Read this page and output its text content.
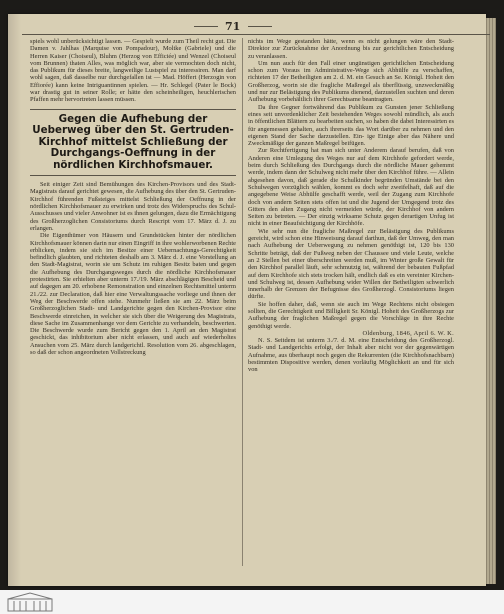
71

spiels wohl unberücksichtigt lassen. — Gespielt wurde zum Theil recht gut. Die Damen v. Jahlhas (Marquise von Pompadour), Moltke (Gabriele) und die Herren Kaiser (Choiseul), Bluhm (Herzog von Efficiée) und Wenzel (Choiseul vom Brunnen) thaten Alles, was möglich war, aber sie vermochten doch nicht, das Publikum für dieses breite, langweilige Lustspiel zu interessiren. Man darf wohl sagen, daß dasselbe nur durchgefallen ist — Mad. Höffert (Herzogin von Effiorée) kann keine Intriguantinnen spielen. — Hr. Schlegel (Pater le Bock) war drastig gut in seiner Rolle; er hätte den scheinheiligen, heuchlerischen Pfaffen mehr hervortreten lassen müssen.

Gegen die Aufhebung der Ueberweg über den St. Gertruden-Kirchhof mittelst Schließung der Durchgangs-Oeffnung in der nördlichen Kirchhofsmauer.

Seit einiger Zeit sind Bemühungen des Kirchen-Provisors und des Stadt-Magistrats darauf gerichtet gewesen, die Aufhebung des über den St. Gertruden-Kirchhof führenden Fußsteiges mittelst Schließung der Oeffnung in der nördlichen Kirchhofsmauer zu erwirken und trotz des Widerspruchs des Schul-Ausschusses und vieler Anwohner ist es ihnen gelungen, dazu die Ermächtigung des Großherzoglichen Consistoriums durch Rescript vom 17. März d. J. zu erlangen.

Die Eigenthümer von Häusern und Grundstücken hinter der nördlichen Kirchhofsmauer können darin nur einen Eingriff in ihre wohlerworbenen Rechte erblicken, indem sie sich im Besitze einer Uebernachtungs-Gerechtigkeit befindlich glaubten, und richteten deshalb am 3. März d. J. eine Vorstellung an den Stadt-Magistrat, worin sie um Schutz im ruhigen Besitz baten und gegen die Aufhebung des Durchgangsweges durch die nördliche Kirchhofsmauer protestirten. Sie erhielten aber unterm 17./19. März abschlägigen Bescheid und auf dagegen am 20. erhobene Remonstration und einzelnen Rechtsmittel unterm 21./22. zur Declaration, daß hier eine Verwaltungssache vorliege und ihnen der Weg der Beschwerde offen stehe. Nunmehr ließen sie am 22. März beim Großherzoglichen Stadt- und Landgerichte gegen den Kirchen-Provisor eine Beschwerde einreichen, in welcher sie sich über die Weigerung des Magistrats, diese Sache im Zusammenhange vor dem Gerichte zu verhandeln, beschwerten. Die Beschwerde wurde zum Bericht gegen den 1. April an den Magistrat geschickt, das inhibitorium aber nicht erlassen, und auch auf wiederholtes Ansuchen vom 25. März durch landgerichtl. Resolution vom 26. abgeschlagen, so daß der schon angeordneten Vollstreckung

nichts im Wege gestanden hätte, wenn es nicht gelungen wäre den Stadt-Direktor zur Zurücknahme der Anordnung bis zur gerichtlichen Entscheidung zu veranlassen.

Um nun auch für den Fall einer ungünstigen gerichtlichen Entscheidung schon zum Voraus im Administrative-Wege sich Abhülfe zu verschaffen, richteten 17 der Betheiligten am 2. d. M. ein Gesuch an Se. Königl. Hoheit den Großherzog, worin sie die fragliche Maßregel als überflüssig, unzweckmäßig und nur zur Belästigung des Publikums dienend, darzustellen suchten und deren Aufhebung vorbehältlich ihrer Gerechtsame beantragten.

Da ihre Gegner fortwährend das Publikum zu Gunsten jener Schließung eines seit unvordenklicher Zeit bestehenden Weges sowohl mündlich, als auch in öffentlichen Blättern zu bearbeiten suchen, so haben die dabei Interessirten es für angemessen gehalten, auch ihrerseits das Wort darüber zu nehmen und den eigenen Stand der Sache darzustellen. Ein- ige Einige aber das Nähere und Zweckmäßige der ganzen Maßregel beifügen.

Zur Rechtfertigung hat man sich unter Anderem darauf berufen, daß von Anderen eine Umlegung des Weges nur auf dem Kirchhofe gefordert werde, beim durch Schließung des Durchgangs durch die nördliche Mauer gehemmt werde, indem dann der Schulweg nicht mehr über den Kirchhof führe. — Allein abgesehen davon, daß gerade die Schulkinder begründen Umstände bei den Schulwegen vorzüglich wählen, kommt es doch sehr zweifelhaft, daß auf die angegebene Weise Abhülfe geschafft werde, weil der Zugang zum Kirchhofe doch von andern Seiten stets offen ist und die Jugend der Umgegend trotz des Gitters den alten Zugang nicht vermeiden würde, der Kirchhof von andern Seiten zu betreten. — Der einzig wirksame Schutz gegen derartigen Unfug ist nicht in einer Beaufsichtigung der Kirchhöfe.

Wie sehr nun die fragliche Maßregel zur Belästigung des Publikums gereicht, wird schon eine Hinweisung darauf darthun, daß der Umweg, den man nach Aufhebung der Ueberwegung zu nehmen genöthigt ist, 120 bis 130 Schritte beträgt, daß der Fußweg neben der Chaussee und viele Leute, welche an 2 Stellen bei einer überschreiten werden muß, im Winter große Gewalt für den Kirchhof parallel läuft, sehr schmutzig ist, während der bebauten Fußpfad auf dem Kirchhofe sich stets trocken hält, endlich daß es ein vereinter Kirchen- und Schulweg ist, dessen Aufhebung wider Willen der Betheiligten schwerlich innerhalb der Grenzen der Befugnisse des Großherzogl. Consistoriums liegen dürfte.

Sie hoffen daher, daß, wenn sie auch im Wege Rechtens nicht obsiegen sollten, die Gerechtigkeit und Billigkeit Sr. Königl. Hoheit des Großherzogs zur Aufhebung der fraglichen Maßregel gegen die Vorschläge in ihre Rechte genöthigt werde.

Oldenburg, 1846, April 6. W. K.

N. S. Seitdem ist unterm 3./7. d. M. eine Entscheidung des Großherzogl. Stadt- und Landgerichts erfolgt, der Inhalt aber nicht vor der gegenwärtigen Aufnahme, aus überhaupt noch gegen die Rekurrenten (die Kirchhofsnachbarn) bestimmten Dispositive werden, denen vorläufig Möglichkeit an und für sich von
